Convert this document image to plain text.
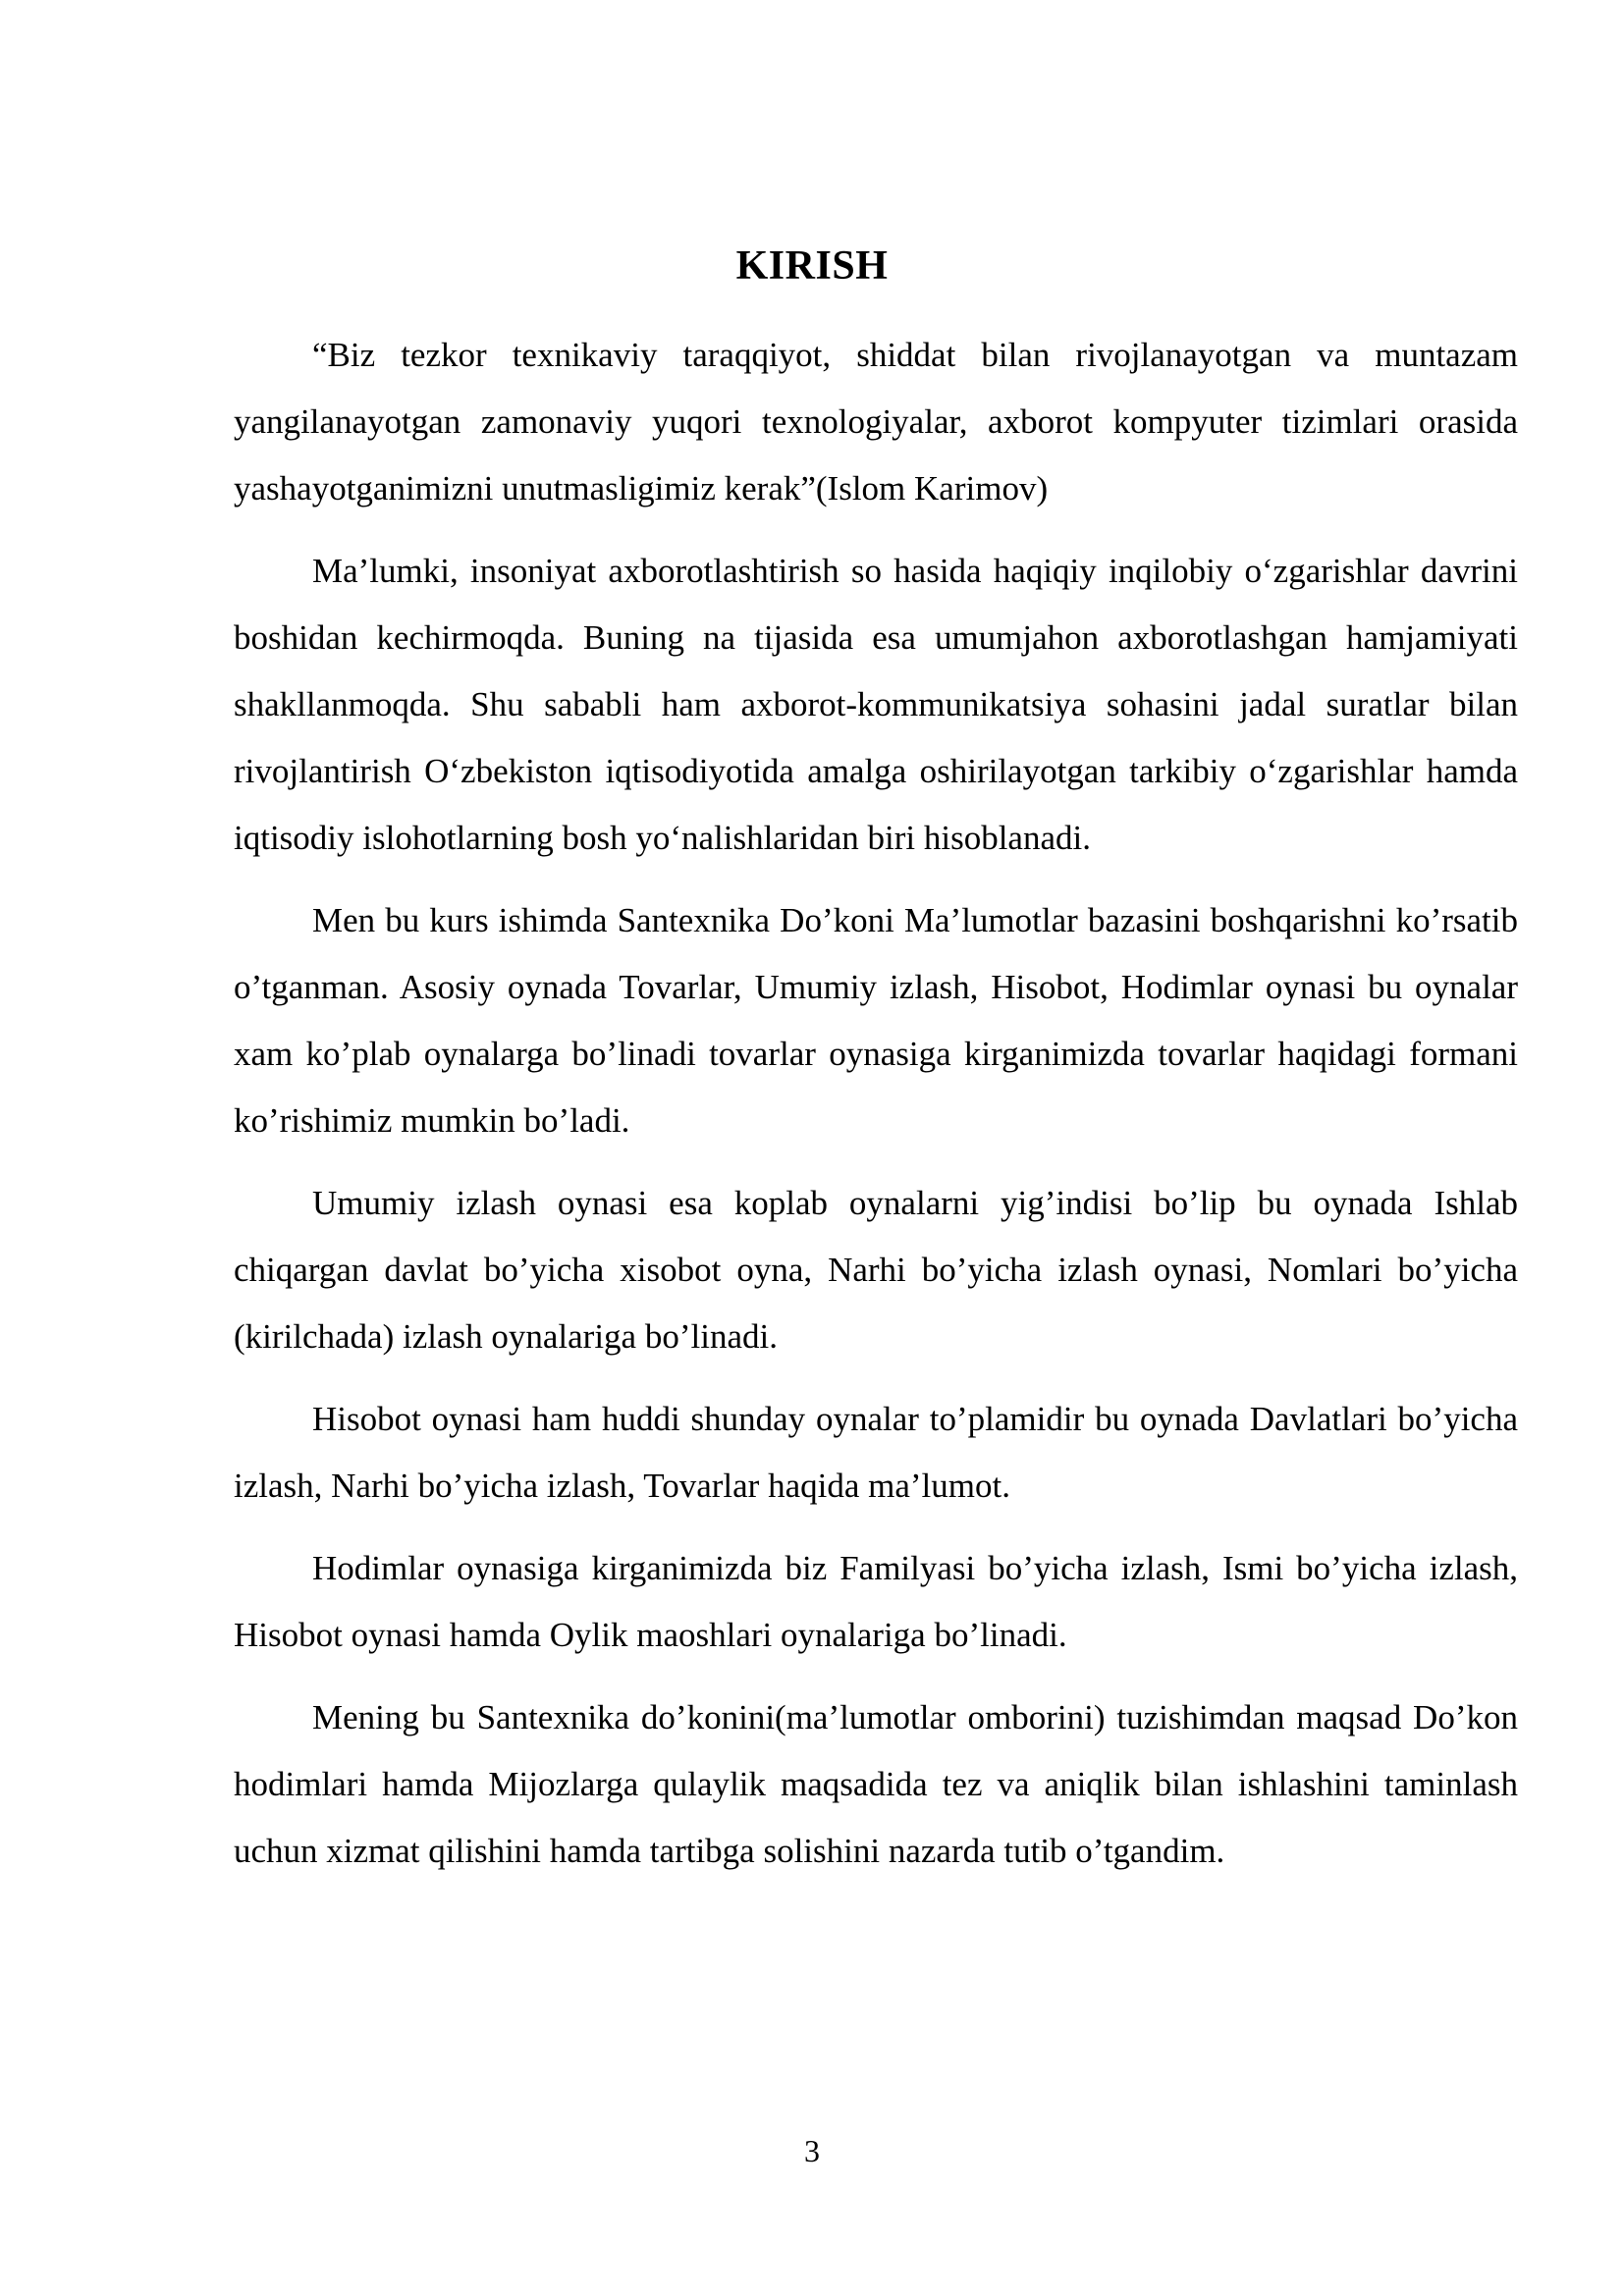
KIRISH

“Biz tezkor texnikaviy taraqqiyot, shiddat bilan rivojlanayotgan va muntazam yangilanayotgan zamonaviy yuqori texnologiyalar, axborot kompyuter tizimlari orasida yashayotganimizni unutmasligimiz kerak”(Islom Karimov)

Ma’lumki, insoniyat axborotlashtirish so hasida haqiqiy inqilobiy o‘zgarishlar davrini boshidan kechirmoqda. Buning na tijasida esa umumjahon axborotlashgan hamjamiyati shakllanmoqda. Shu sababli ham axborot-kommunikatsiya sohasini jadal suratlar bilan rivojlantirish O‘zbekiston iqtisodiyotida amalga oshirilayotgan tarkibiy o‘zgarishlar hamda iqtisodiy islohotlarning bosh yo‘nalishlaridan biri hisoblanadi.

Men bu kurs ishimda Santexnika Do’koni Ma’lumotlar bazasini boshqarishni ko’rsatib o’tganman. Asosiy oynada Tovarlar, Umumiy izlash, Hisobot, Hodimlar oynasi bu oynalar xam ko’plab oynalarga bo’linadi tovarlar oynasiga kirganimizda tovarlar haqidagi formani ko’rishimiz mumkin bo’ladi.

Umumiy izlash oynasi esa koplab oynalarni yig’indisi bo’lip bu oynada Ishlab chiqargan davlat bo’yicha xisobot oyna, Narhi bo’yicha izlash oynasi, Nomlari bo’yicha (kirilchada) izlash oynalariga bo’linadi.

Hisobot oynasi ham huddi shunday oynalar to’plamidir bu oynada Davlatlari bo’yicha izlash, Narhi bo’yicha izlash, Tovarlar haqida ma’lumot.

Hodimlar oynasiga kirganimizda biz Familyasi bo’yicha izlash, Ismi bo’yicha izlash, Hisobot oynasi hamda Oylik maoshlari oynalariga bo’linadi.

Mening bu Santexnika do’konini(ma’lumotlar omborini) tuzishimdan maqsad Do’kon hodimlari hamda Mijozlarga qulaylik maqsadida tez va aniqlik bilan ishlashini taminlash uchun xizmat qilishini hamda tartibga solishini nazarda tutib o’tgandim.

3
